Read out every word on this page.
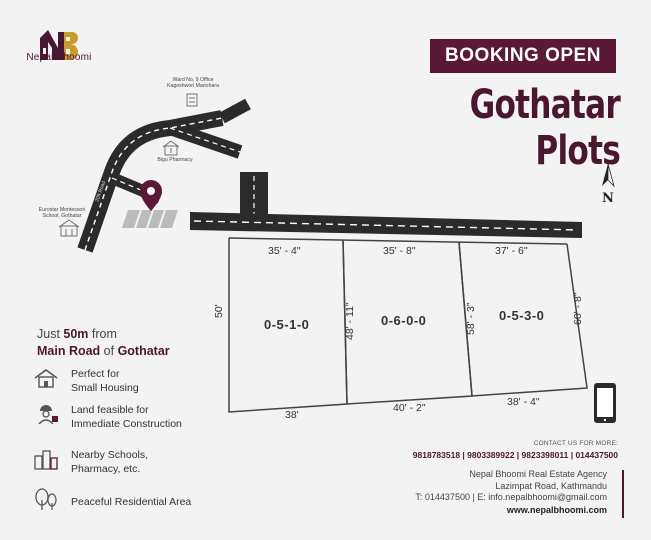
Nepal Bhoomi	BOOKING OPEN
Gothatar Plots
20ft Road	N
Ward No. 9 Office
Kageshwori Manohara
Bigu Pharmacy
Eurostar Montessori
School, Gothatar
35' - 4"
50'
0-5-1-0
38'
35' - 8"
48' - 11" 0-6-0-0
40' - 2"
37' - 6"
58' - 3"	60' - 8"
0-5-3-0
38' - 4"
Just 50m from
Main Road of Gothatar
Perfect for
Small Housing
Land feasible for
Immediate Construction
Nearby Schools,
Pharmacy, etc.
Peaceful Residential Area
CONTACT US FOR MORE:
9818783518 | 9803389922 | 9823398011 | 014437500
Nepal Bhoomi Real Estate Agency
Lazimpat Road, Kathmandu
T: 014437500 | E: info.nepalbhoomi@gmail.com
www.nepalbhoomi.com
